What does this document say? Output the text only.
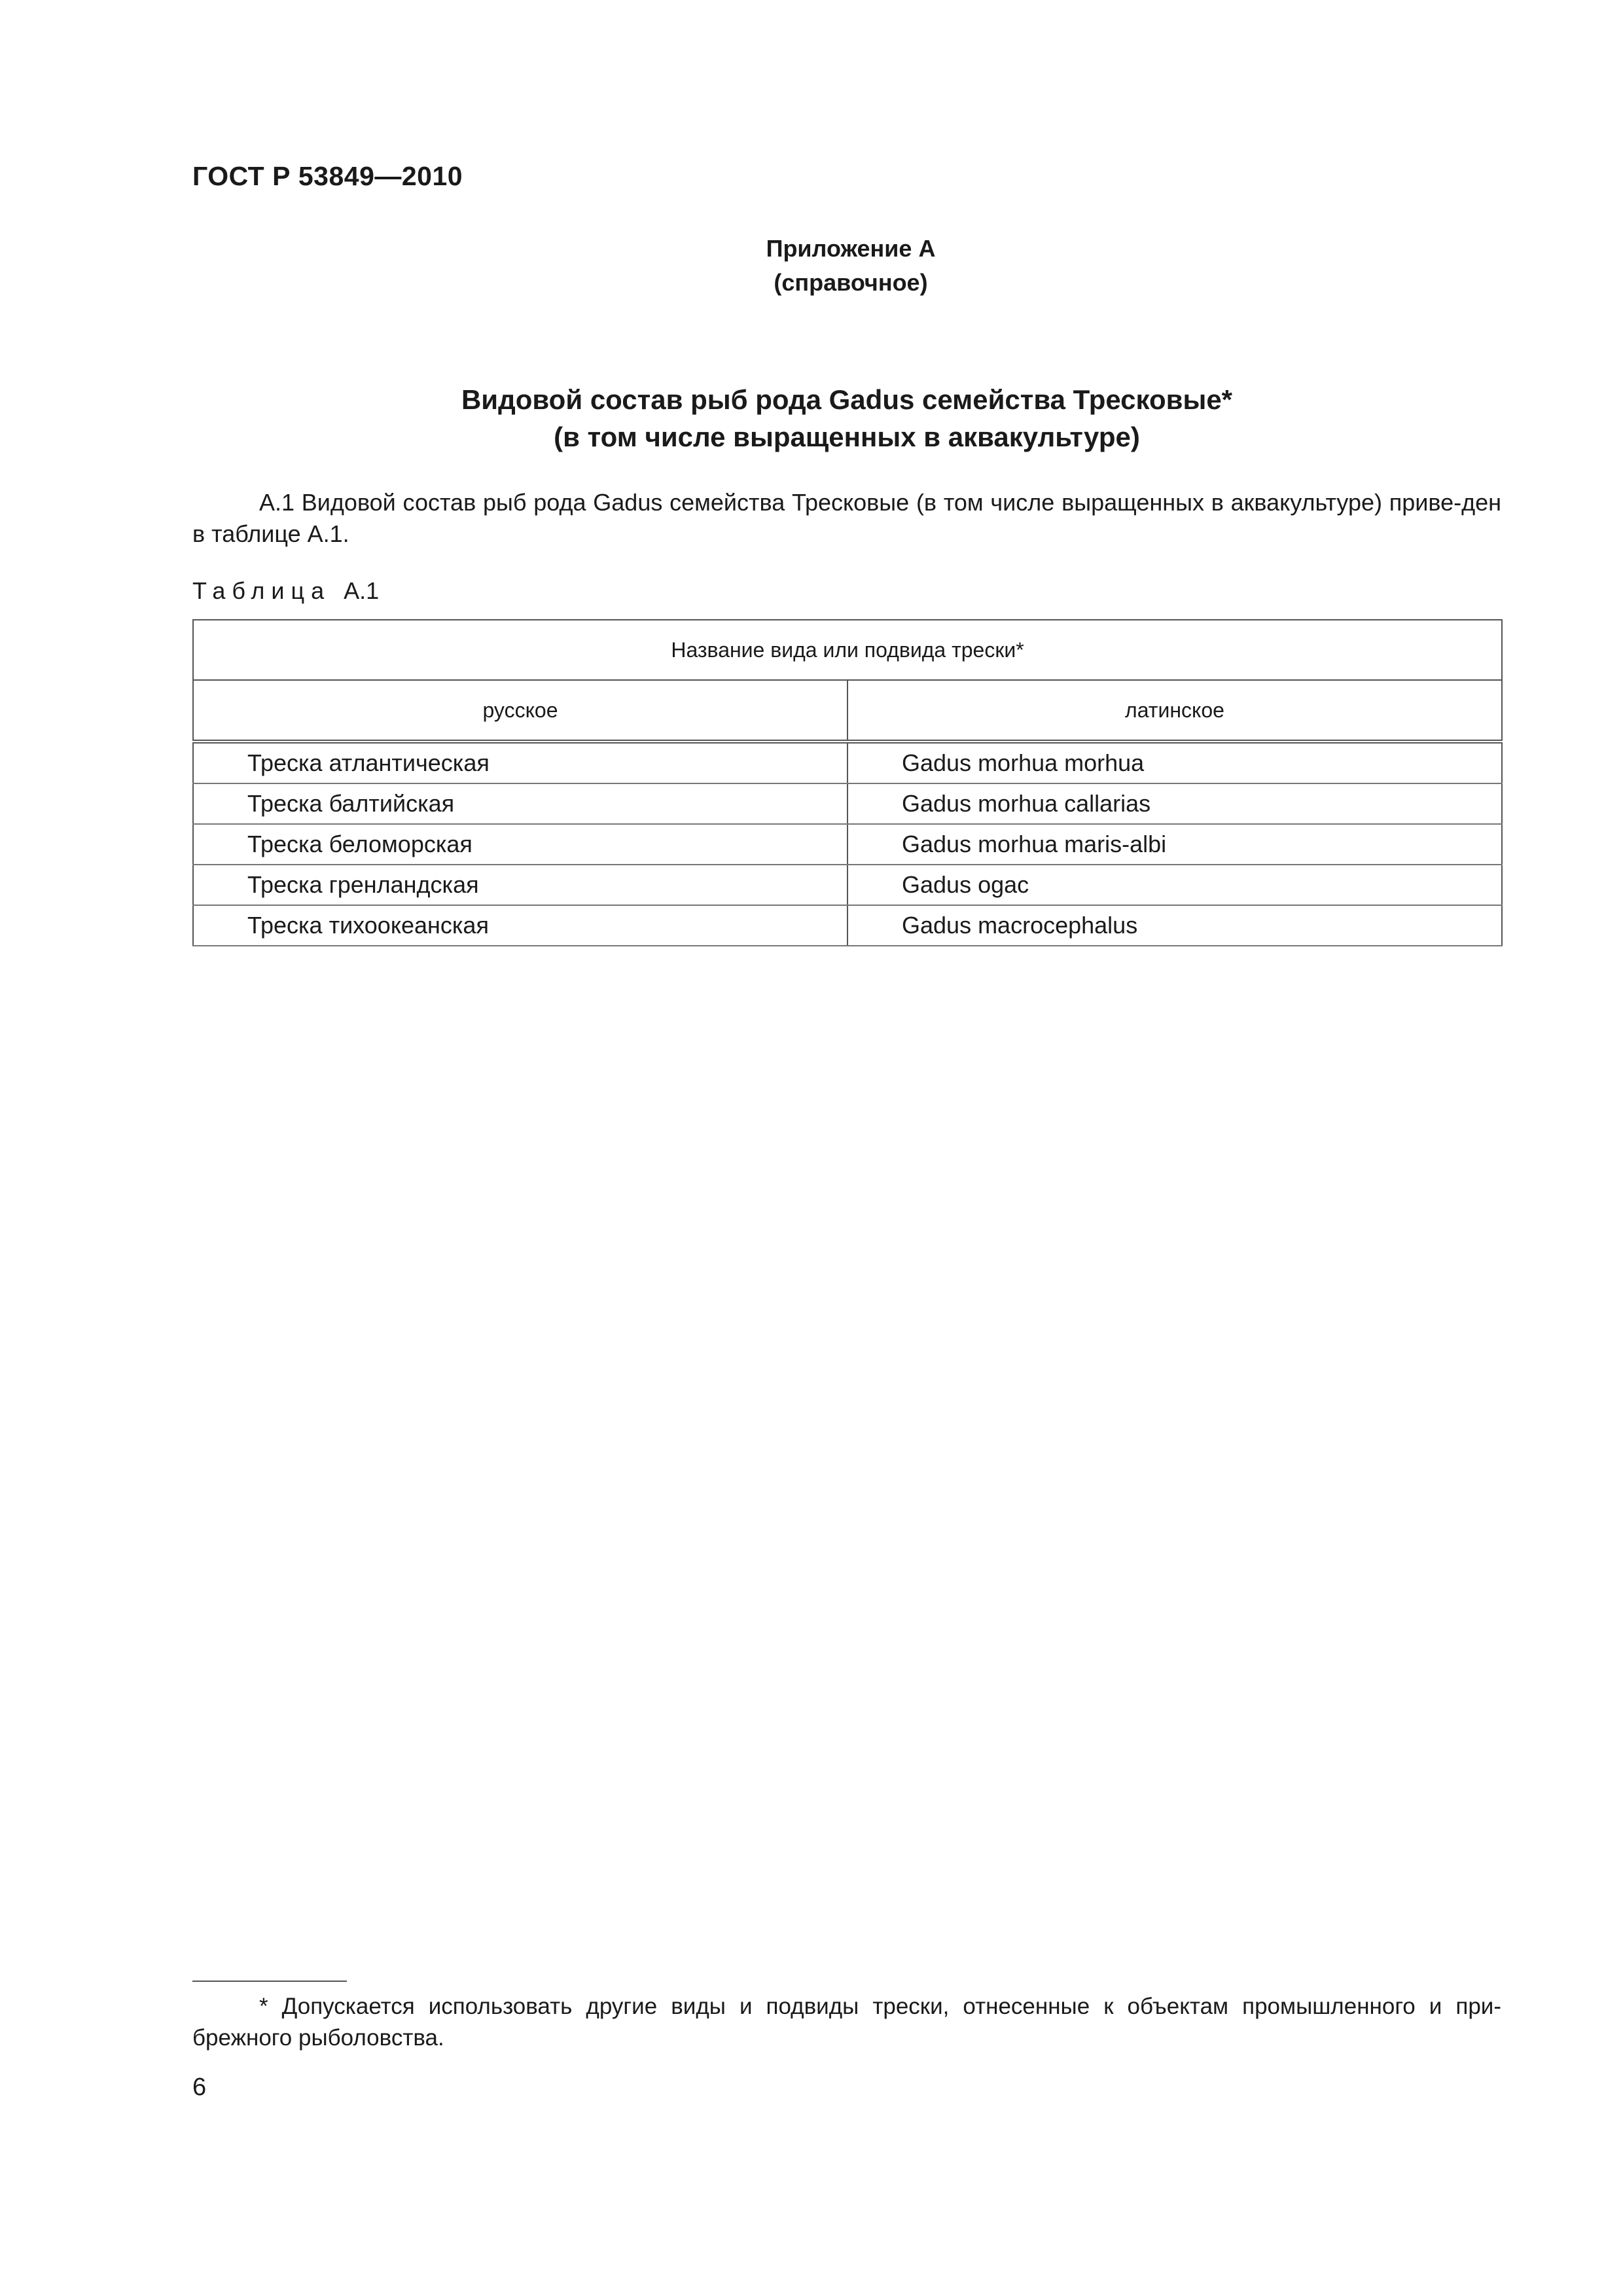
ГОСТ Р 53849—2010
Приложение А
(справочное)
Видовой состав рыб рода Gadus семейства Тресковые*
(в том числе выращенных в аквакультуре)
А.1 Видовой состав рыб рода Gadus семейства Тресковые (в том числе выращенных в аквакультуре) приве-ден в таблице А.1.
Таблица А.1
Название вида или подвида трески*	
русское	латинское
Треска атлантическая	Gadus morhua morhua
Треска балтийская	Gadus morhua callarias
Треска беломорская	Gadus morhua maris-albi
Треска гренландская	Gadus ogac
Треска тихоокеанская	Gadus macrocephalus
* Допускается использовать другие виды и подвиды трески, отнесенные к объектам промышленного и при-брежного рыболовства.
6
